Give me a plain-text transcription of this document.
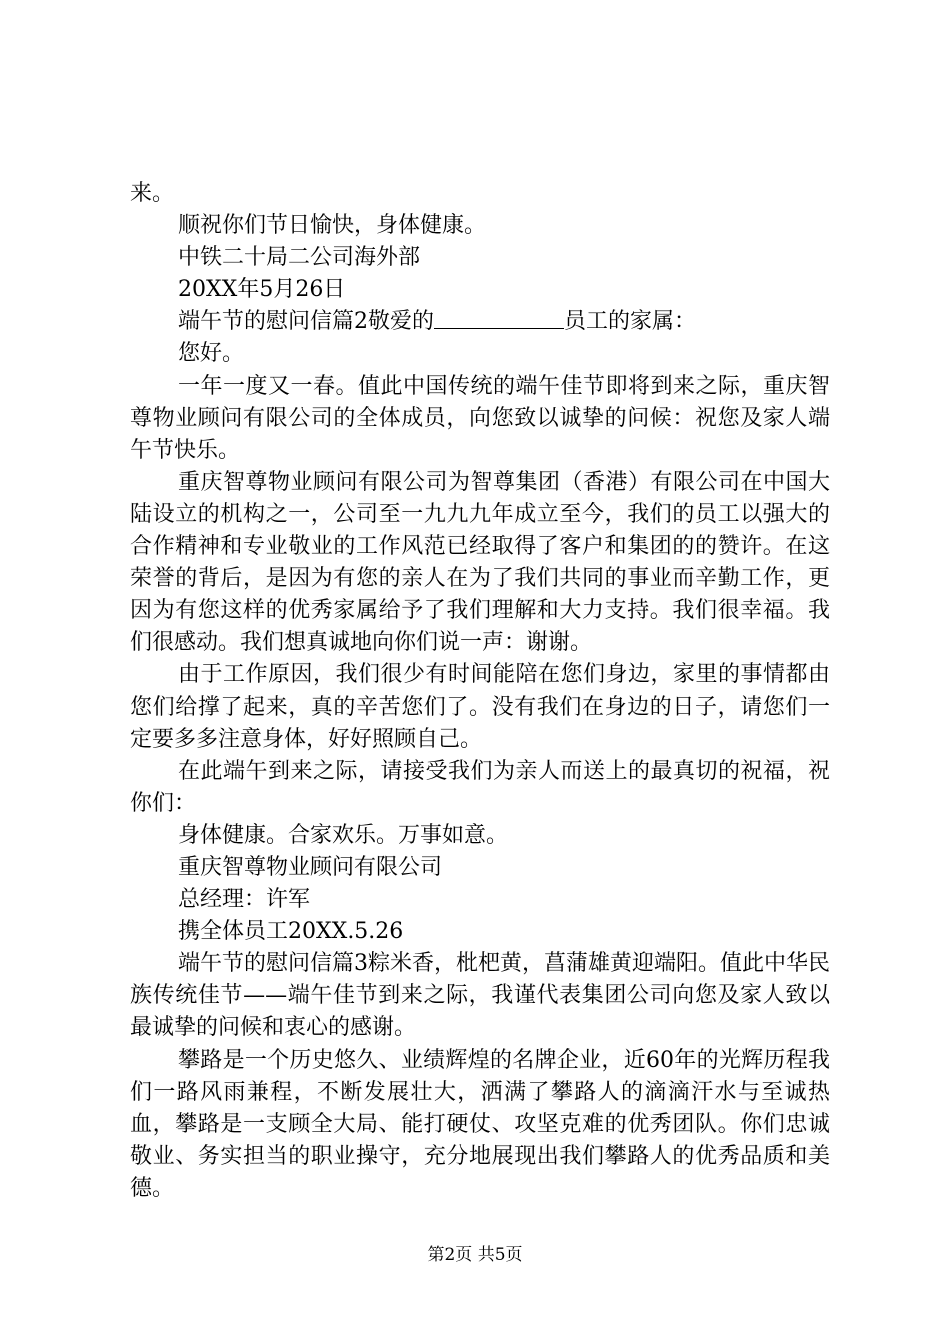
来。

顺祝你们节日愉快，身体健康。

中铁二十局二公司海外部

20XX年5月26日

端午节的慰问信篇2敬爱的	员工的家属：

您好。

一年一度又一春。值此中国传统的端午佳节即将到来之际，重庆智尊物业顾问有限公司的全体成员，向您致以诚挚的问候：祝您及家人端午节快乐。

重庆智尊物业顾问有限公司为智尊集团（香港）有限公司在中国大陆设立的机构之一，公司至一九九九年成立至今，我们的员工以强大的合作精神和专业敬业的工作风范已经取得了客户和集团的的赞许。在这荣誉的背后，是因为有您的亲人在为了我们共同的事业而辛勤工作，更因为有您这样的优秀家属给予了我们理解和大力支持。我们很幸福。我们很感动。我们想真诚地向你们说一声：谢谢。

由于工作原因，我们很少有时间能陪在您们身边，家里的事情都由您们给撑了起来，真的辛苦您们了。没有我们在身边的日子，请您们一定要多多注意身体，好好照顾自己。

在此端午到来之际，请接受我们为亲人而送上的最真切的祝福，祝你们：

身体健康。合家欢乐。万事如意。

重庆智尊物业顾问有限公司

总经理：许军

携全体员工20XX.5.26

端午节的慰问信篇3粽米香，枇杷黄，菖蒲雄黄迎端阳。值此中华民族传统佳节——端午佳节到来之际，我谨代表集团公司向您及家人致以最诚挚的问候和衷心的感谢。

攀路是一个历史悠久、业绩辉煌的名牌企业，近60年的光辉历程我们一路风雨兼程，不断发展壮大，洒满了攀路人的滴滴汗水与至诚热血，攀路是一支顾全大局、能打硬仗、攻坚克难的优秀团队。你们忠诚敬业、务实担当的职业操守，充分地展现出我们攀路人的优秀品质和美德。

第2页 共5页
